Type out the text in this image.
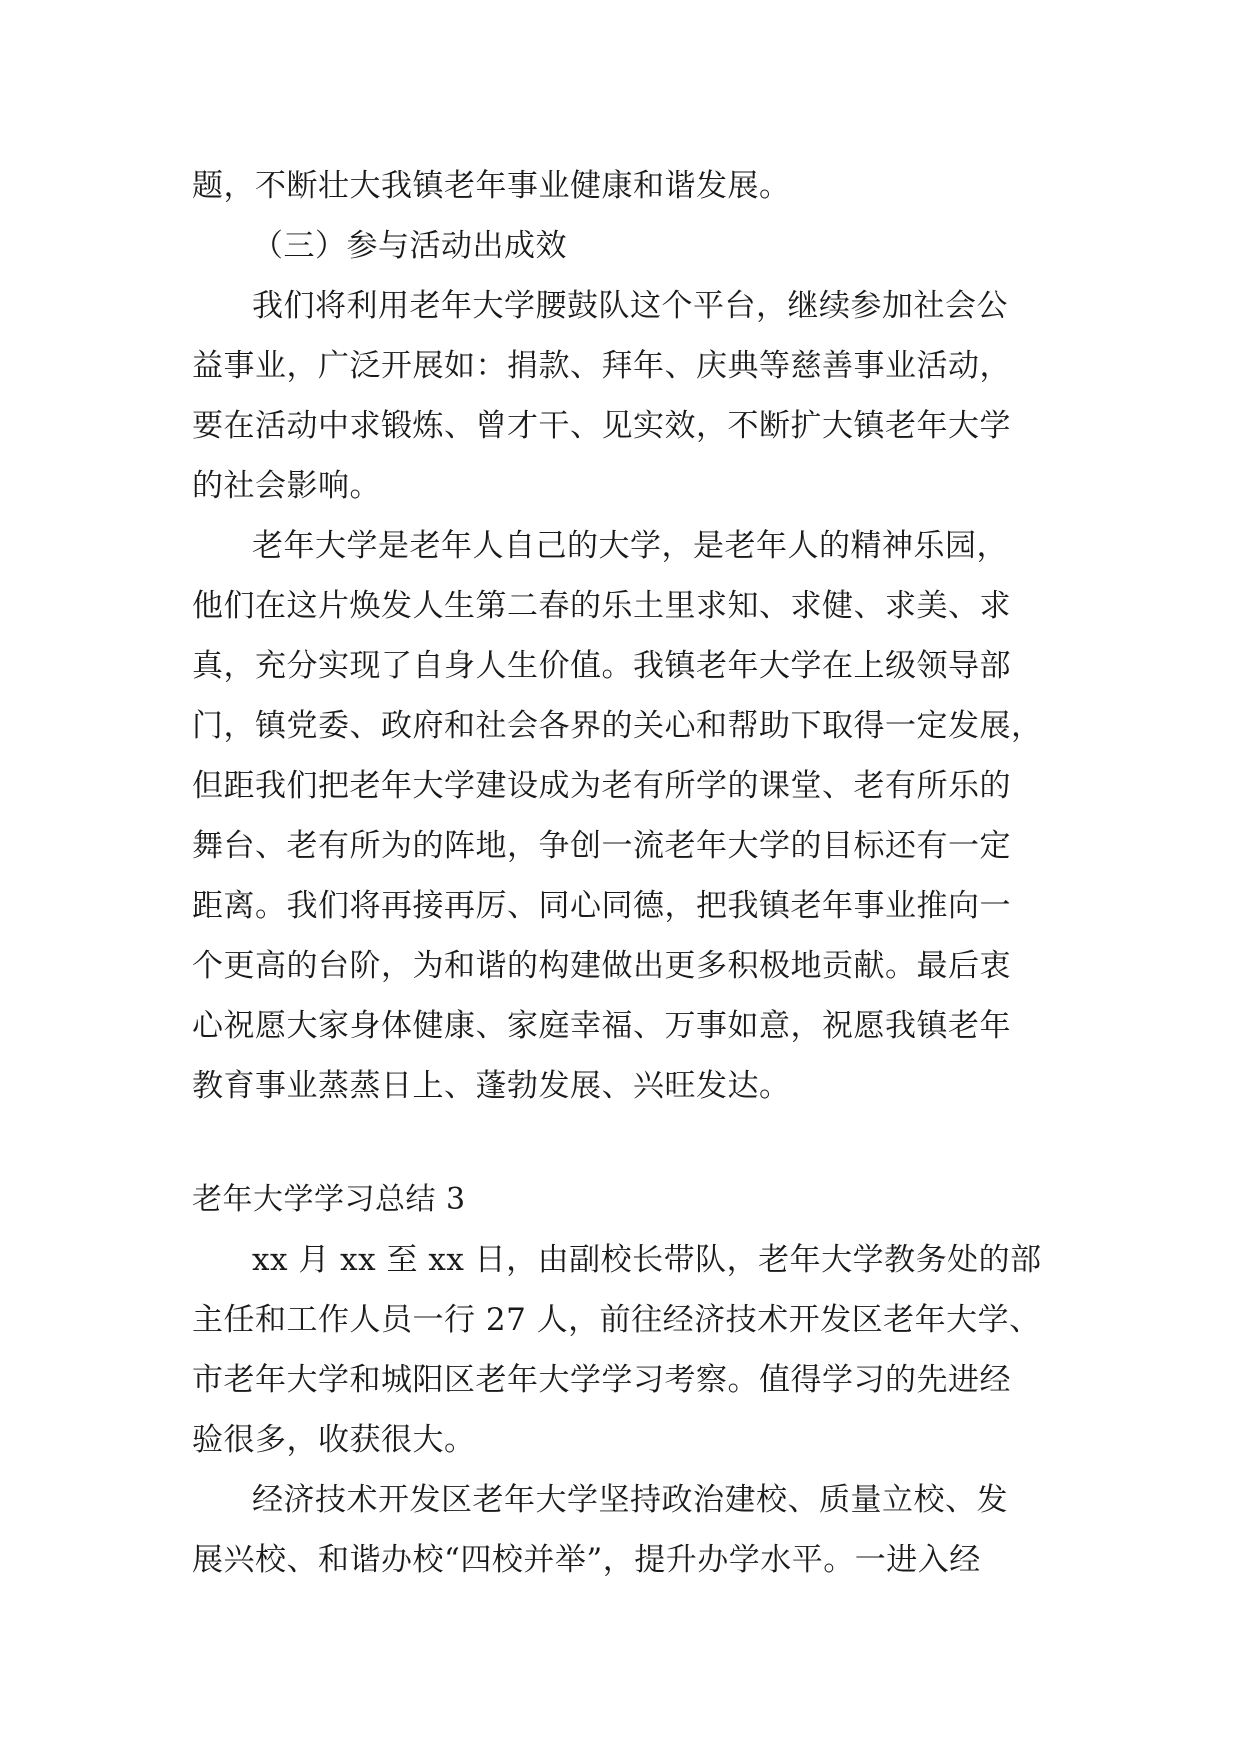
题，不断壮大我镇老年事业健康和谐发展。
（三）参与活动出成效
我们将利用老年大学腰鼓队这个平台，继续参加社会公
益事业，广泛开展如：捐款、拜年、庆典等慈善事业活动，
要在活动中求锻炼、曾才干、见实效，不断扩大镇老年大学
的社会影响。
老年大学是老年人自己的大学，是老年人的精神乐园，
他们在这片焕发人生第二春的乐土里求知、求健、求美、求
真，充分实现了自身人生价值。我镇老年大学在上级领导部
门，镇党委、政府和社会各界的关心和帮助下取得一定发展，
但距我们把老年大学建设成为老有所学的课堂、老有所乐的
舞台、老有所为的阵地，争创一流老年大学的目标还有一定
距离。我们将再接再厉、同心同德，把我镇老年事业推向一
个更高的台阶，为和谐的构建做出更多积极地贡献。最后衷
心祝愿大家身体健康、家庭幸福、万事如意，祝愿我镇老年
教育事业蒸蒸日上、蓬勃发展、兴旺发达。
老年大学学习总结 3
xx 月 xx 至 xx 日，由副校长带队，老年大学教务处的部
主任和工作人员一行 27 人，前往经济技术开发区老年大学、
市老年大学和城阳区老年大学学习考察。值得学习的先进经
验很多，收获很大。
经济技术开发区老年大学坚持政治建校、质量立校、发
展兴校、和谐办校“四校并举”，提升办学水平。一进入经
